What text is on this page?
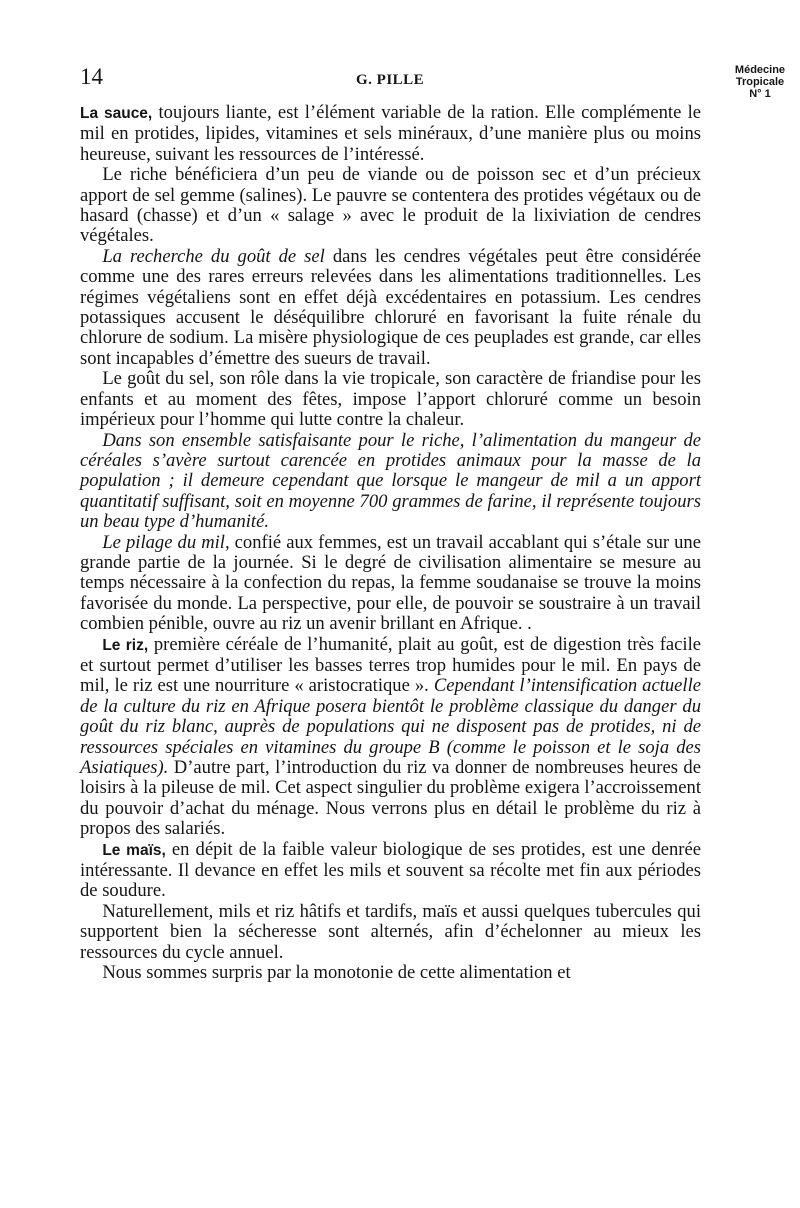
14	G. PILLE
Médecine
Tropicale
N° 1

La sauce, toujours liante, est l’élément variable de la ration. Elle complémente le mil en protides, lipides, vitamines et sels minéraux, d’une manière plus ou moins heureuse, suivant les ressources de l’intéressé.

Le riche bénéficiera d’un peu de viande ou de poisson sec et d’un précieux apport de sel gemme (salines). Le pauvre se contentera des protides végétaux ou de hasard (chasse) et d’un « salage » avec le produit de la lixiviation de cendres végétales.

La recherche du goût de sel dans les cendres végétales peut être considérée comme une des rares erreurs relevées dans les alimentations traditionnelles. Les régimes végétaliens sont en effet déjà excédentaires en potassium. Les cendres potassiques accusent le déséquilibre chloruré en favorisant la fuite rénale du chlorure de sodium. La misère physiologique de ces peuplades est grande, car elles sont incapables d’émettre des sueurs de travail.

Le goût du sel, son rôle dans la vie tropicale, son caractère de friandise pour les enfants et au moment des fêtes, impose l’apport chloruré comme un besoin impérieux pour l’homme qui lutte contre la chaleur.

Dans son ensemble satisfaisante pour le riche, l’alimentation du mangeur de céréales s’avère surtout carencée en protides animaux pour la masse de la population ; il demeure cependant que lorsque le mangeur de mil a un apport quantitatif suffisant, soit en moyenne 700 grammes de farine, il représente toujours un beau type d’humanité.

Le pilage du mil, confié aux femmes, est un travail accablant qui s’étale sur une grande partie de la journée. Si le degré de civilisation alimentaire se mesure au temps nécessaire à la confection du repas, la femme soudanaise se trouve la moins favorisée du monde. La perspective, pour elle, de pouvoir se soustraire à un travail combien pénible, ouvre au riz un avenir brillant en Afrique. .

Le riz, première céréale de l’humanité, plait au goût, est de digestion très facile et surtout permet d’utiliser les basses terres trop humides pour le mil. En pays de mil, le riz est une nourriture « aristocratique ». Cependant l’intensification actuelle de la culture du riz en Afrique posera bientôt le problème classique du danger du goût du riz blanc, auprès de populations qui ne disposent pas de protides, ni de ressources spéciales en vitamines du groupe B (comme le poisson et le soja des Asiatiques). D’autre part, l’introduction du riz va donner de nombreuses heures de loisirs à la pileuse de mil. Cet aspect singulier du problème exigera l’accroissement du pouvoir d’achat du ménage. Nous verrons plus en détail le problème du riz à propos des salariés.

Le maïs, en dépit de la faible valeur biologique de ses protides, est une denrée intéressante. Il devance en effet les mils et souvent sa récolte met fin aux périodes de soudure.

Naturellement, mils et riz hâtifs et tardifs, maïs et aussi quelques tubercules qui supportent bien la sécheresse sont alternés, afin d’échelonner au mieux les ressources du cycle annuel.

Nous sommes surpris par la monotonie de cette alimentation et
